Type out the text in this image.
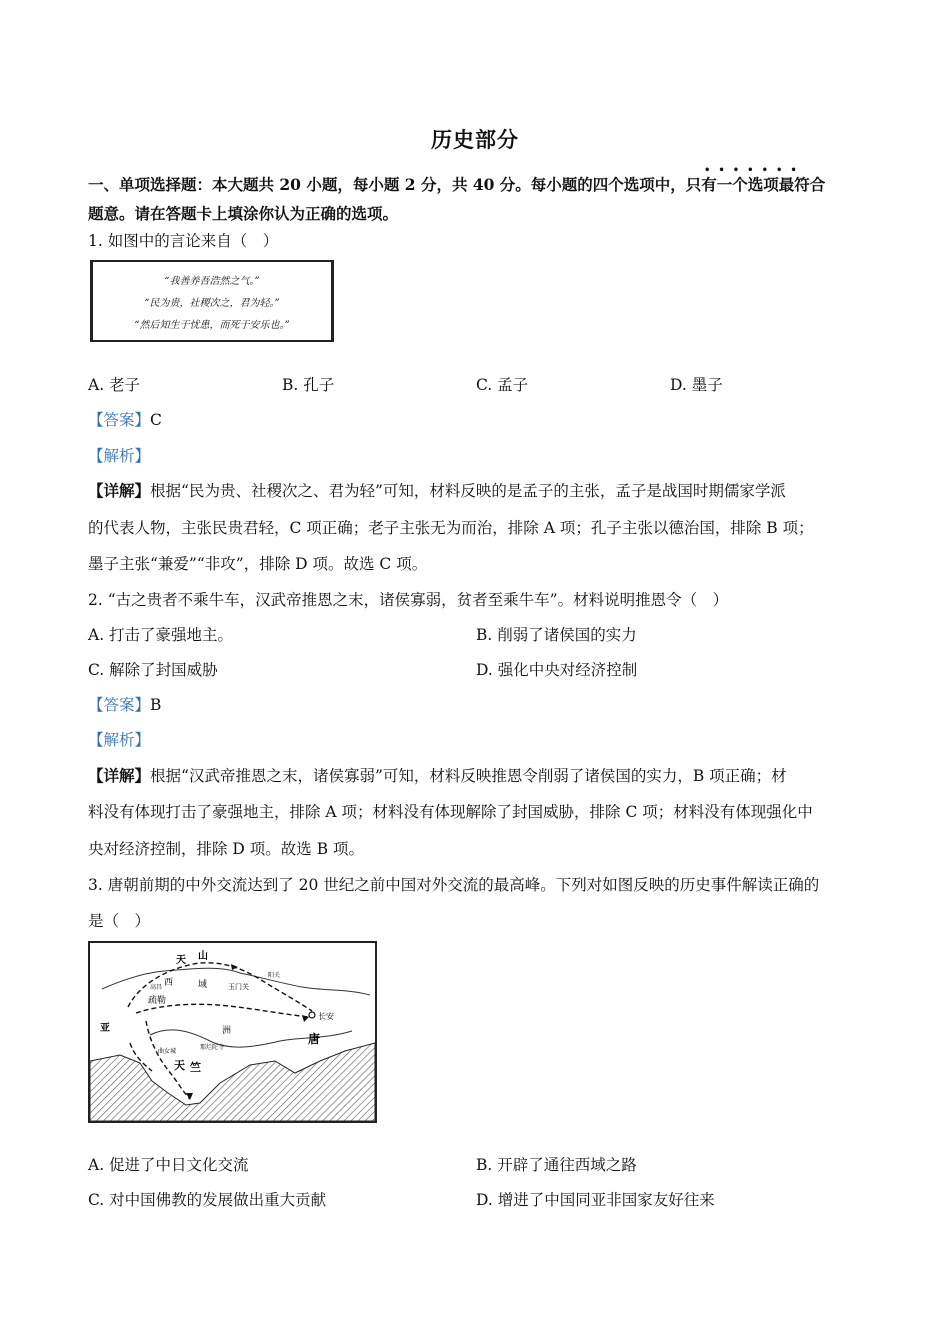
历史部分
一、单项选择题：本大题共 20 小题，每小题 2 分，共 40 分。每小题的四个选项中，只有一个选项最符合
•••••••
题意。请在答题卡上填涂你认为正确的选项。
1. 如图中的言论来自（　）
“我善养吾浩然之气。”
“民为贵，社稷次之，君为轻。”
“然后知生于忧患，而死于安乐也。”
A. 老子	B. 孔子	C. 孟子	D. 墨子
【答案】C
【解析】
【详解】根据“民为贵、社稷次之、君为轻”可知，材料反映的是孟子的主张，孟子是战国时期儒家学派
的代表人物，主张民贵君轻，C 项正确；老子主张无为而治，排除 A 项；孔子主张以德治国，排除 B 项；
墨子主张“兼爱”“非攻”，排除 D 项。故选 C 项。
2. “古之贵者不乘牛车，汉武帝推恩之末，诸侯寡弱，贫者至乘牛车”。材料说明推恩令（　）
A. 打击了豪强地主。	B. 削弱了诸侯国的实力
C. 解除了封国威胁	D. 强化中央对经济控制
【答案】B
【解析】
【详解】根据“汉武帝推恩之末，诸侯寡弱”可知，材料反映推恩令削弱了诸侯国的实力，B 项正确；材
料没有体现打击了豪强地主，排除 A 项；材料没有体现解除了封国威胁，排除 C 项；材料没有体现强化中
央对经济控制，排除 D 项。故选 B 项。
3. 唐朝前期的中外交流达到了 20 世纪之前中国对外交流的最高峰。下列对如图反映的历史事件解读正确的
是（　）
天 山
西	域	玉门关
阳关
高昌
疏勒
长安
亚	洲
唐
曲女城
那烂陀寺
天 竺
A. 促进了中日文化交流	B. 开辟了通往西域之路
C. 对中国佛教的发展做出重大贡献	D. 增进了中国同亚非国家友好往来
